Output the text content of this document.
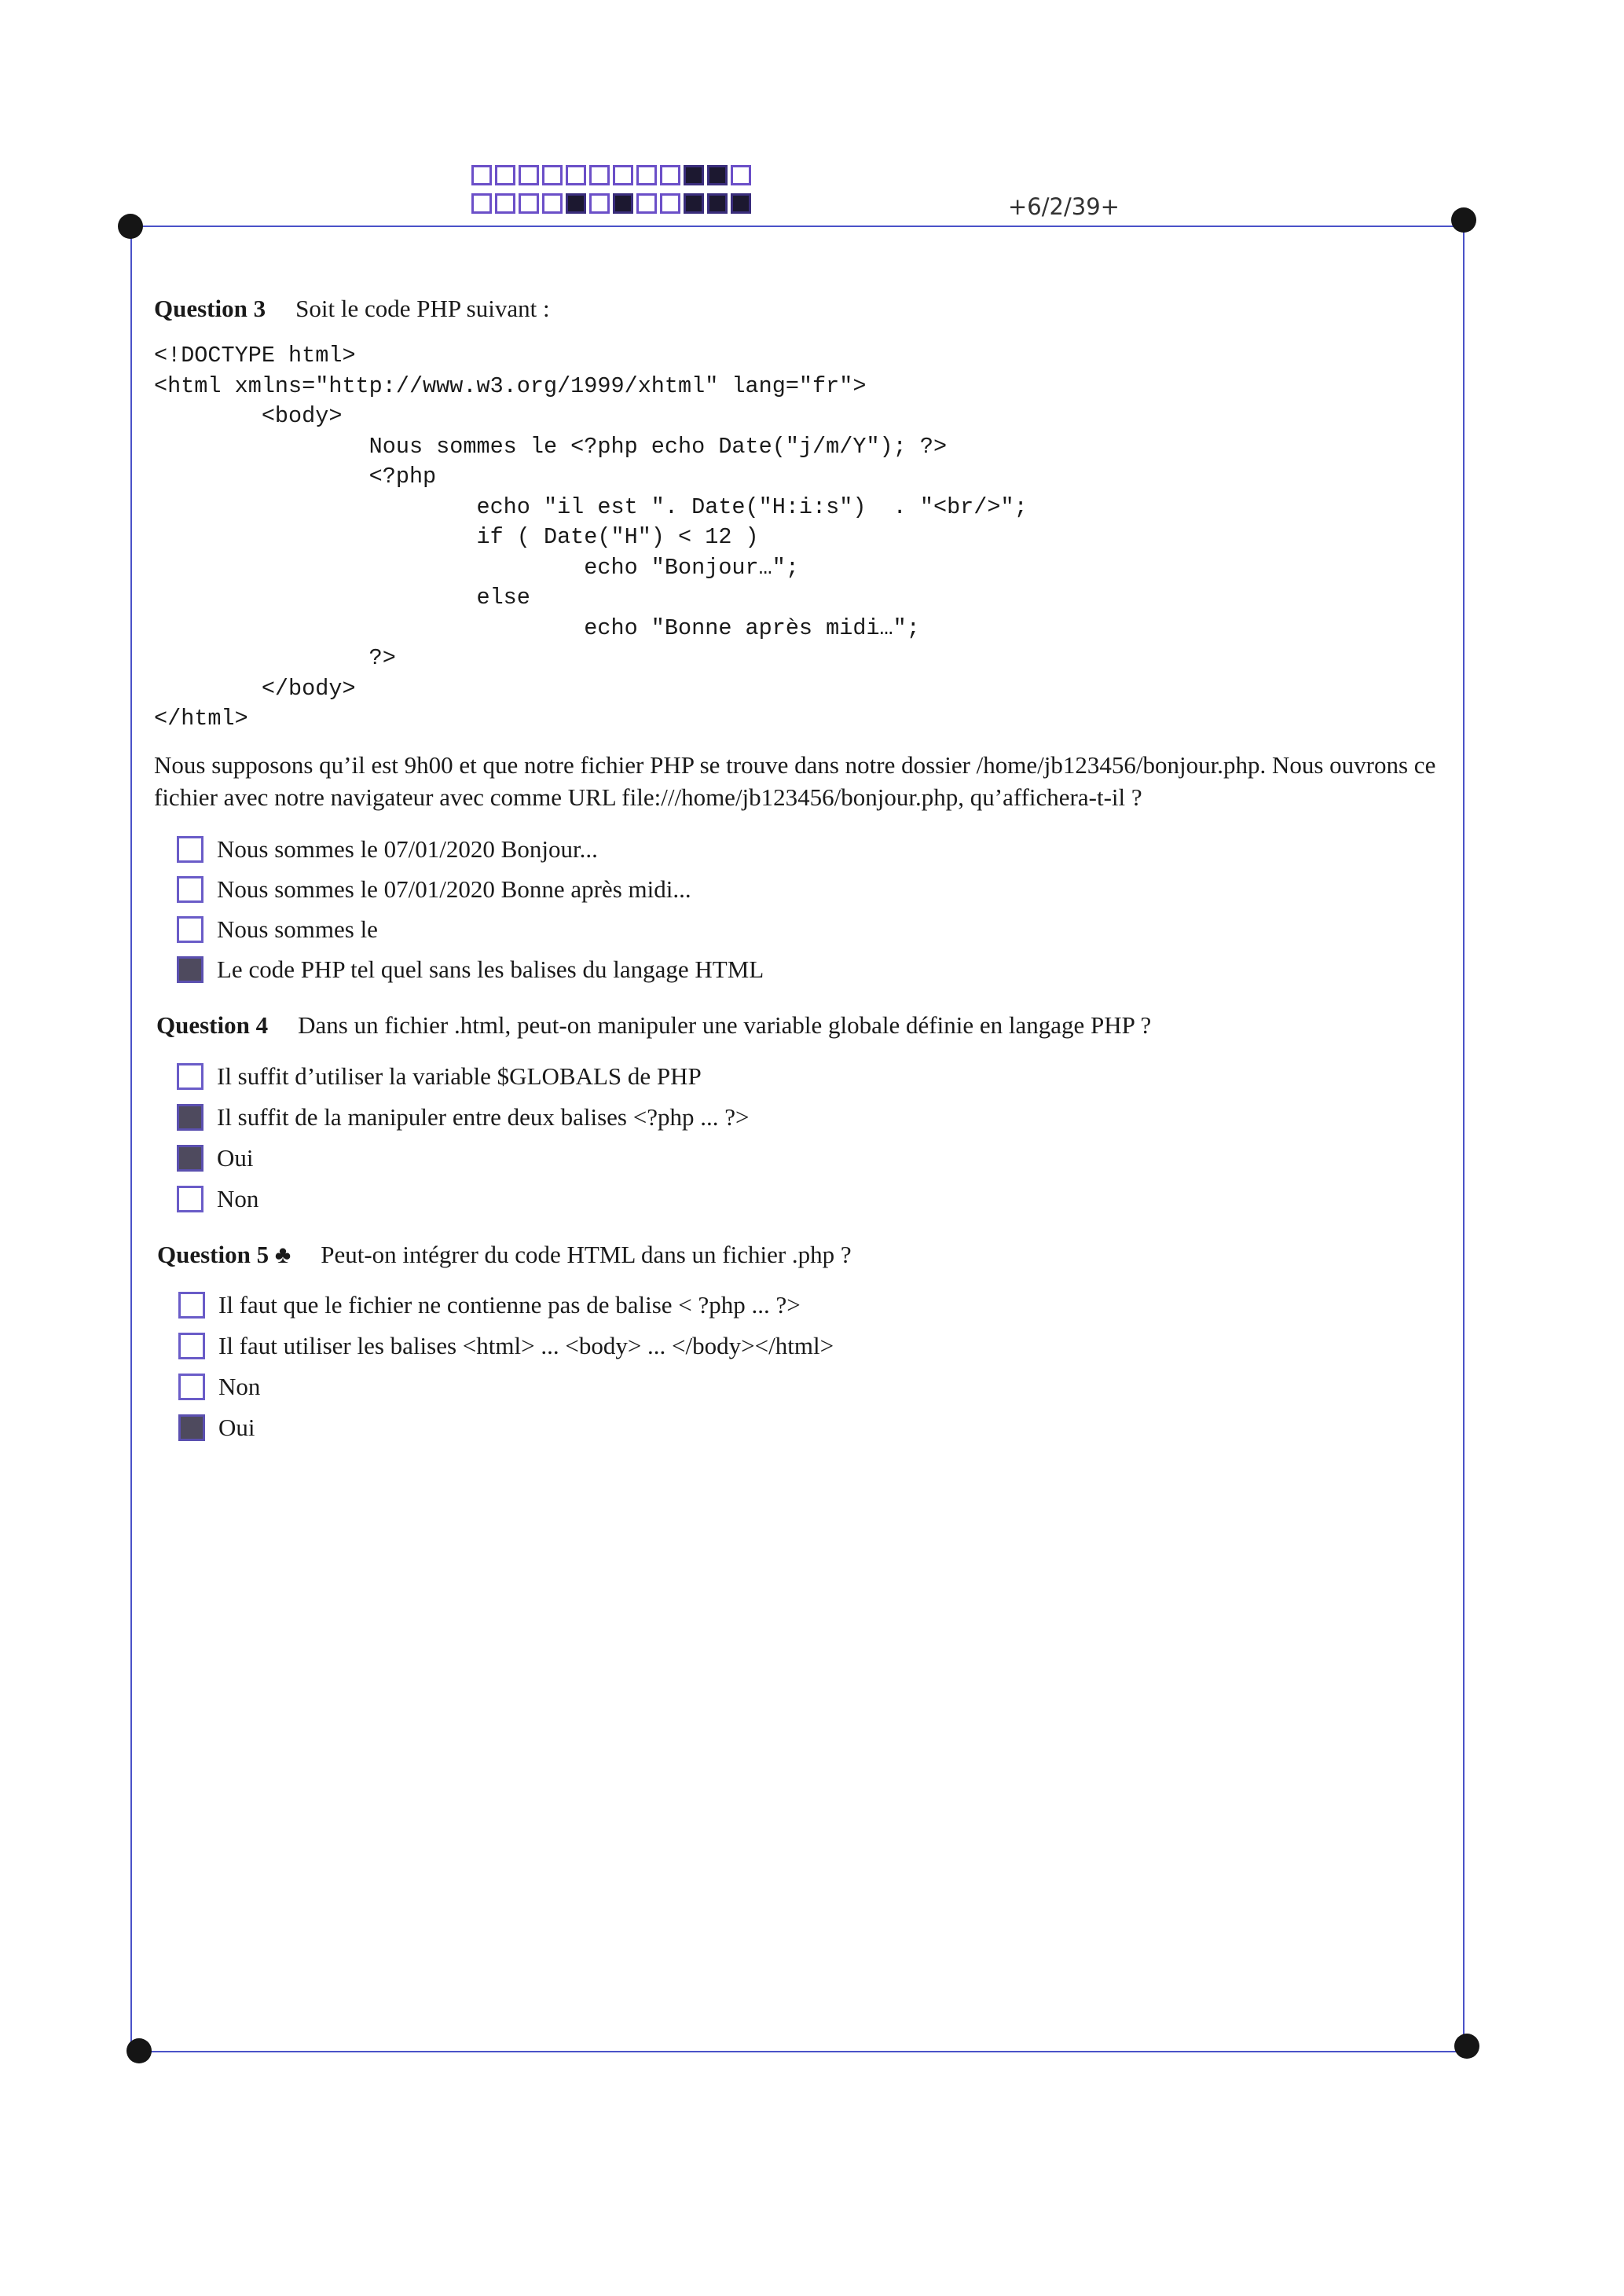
+6/2/39+
Question 3 Soit le code PHP suivant :
<!DOCTYPE html>
<html xmlns="http://www.w3.org/1999/xhtml" lang="fr">
<body>
Nous sommes le <?php echo Date("j/m/Y"); ?>
<?php
echo "il est ". Date("H:i:s")  . "<br/>";
if ( Date("H") < 12 )
echo "Bonjour…";
else
echo "Bonne après midi…";
?>
</body>
</html>
Nous supposons qu’il est 9h00 et que notre fichier PHP se trouve dans notre dossier /home/jb123456/bonjour.php. Nous ouvrons ce fichier avec notre navigateur avec comme URL file:///home/jb123456/bonjour.php, qu’affichera-t-il ?
Nous sommes le 07/01/2020 Bonjour...
Nous sommes le 07/01/2020 Bonne après midi...
Nous sommes le
Le code PHP tel quel sans les balises du langage HTML
Question 4 Dans un fichier .html, peut-on manipuler une variable globale définie en langage PHP ?
Il suffit d’utiliser la variable $GLOBALS de PHP
Il suffit de la manipuler entre deux balises <?php ... ?>
Oui
Non
Question 5 ♣ Peut-on intégrer du code HTML dans un fichier .php ?
Il faut que le fichier ne contienne pas de balise < ?php ... ?>
Il faut utiliser les balises <html> ... <body> ... </body></html>
Non
Oui
